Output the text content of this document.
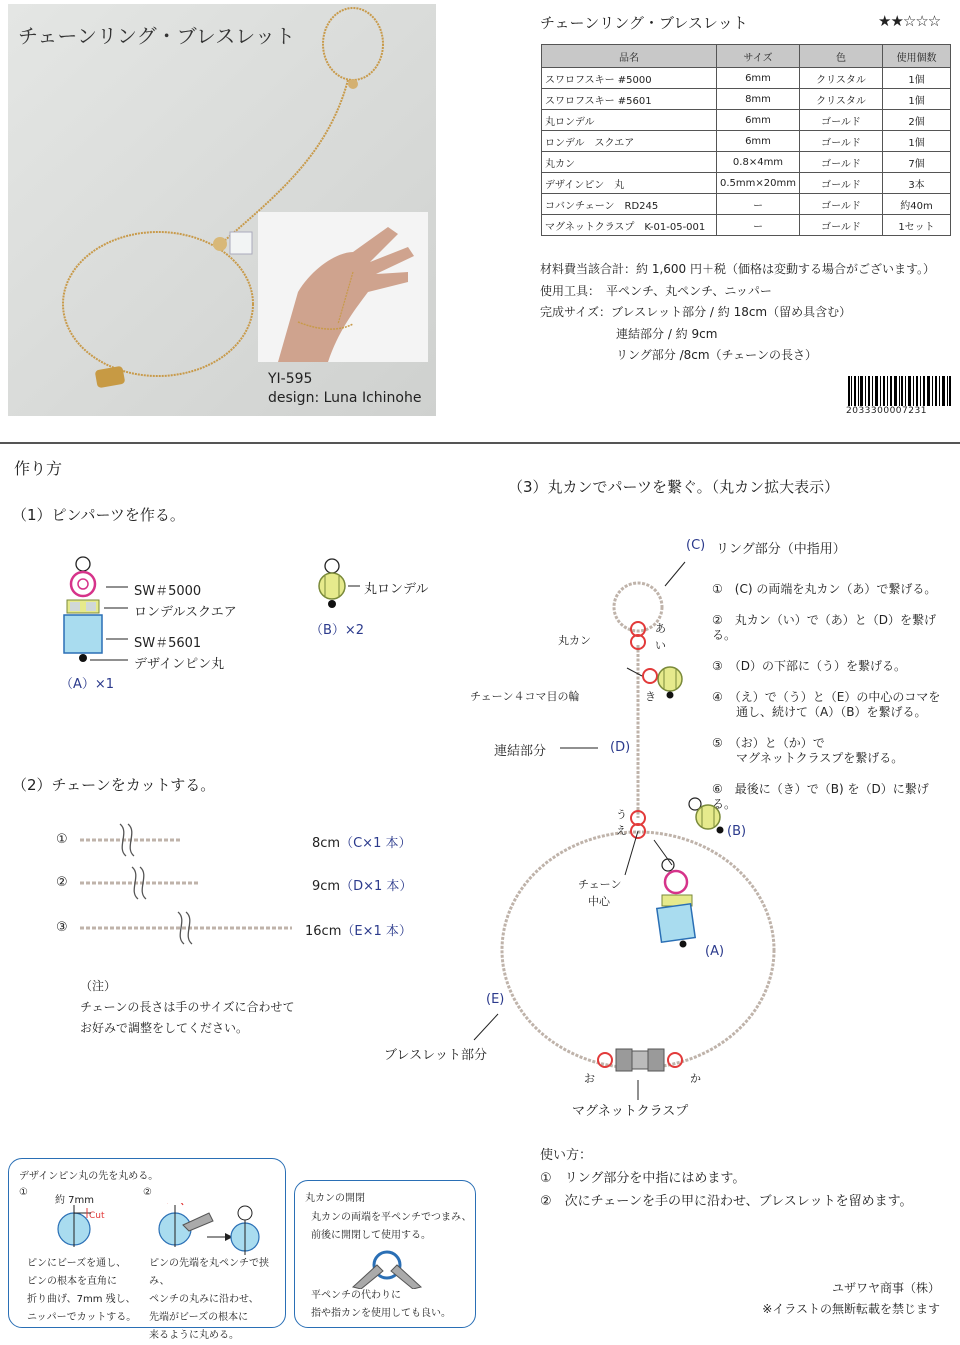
チェーンリング・ブレスレット
YI-595
design: Luna Ichinohe
チェーンリング・ブレスレット	★★☆☆☆
品名	サイズ	色	使用個数
スワロフスキー #5000	6mm	クリスタル	1個
スワロフスキー #5601	8mm	クリスタル	1個
丸ロンデル	6mm	ゴールド	2個
ロンデル　スクエア	6mm	ゴールド	1個
丸カン	0.8×4mm	ゴールド	7個
デザインピン　丸	0.5mm×20mm	ゴールド	3本
コバンチェーン　RD245	ー	ゴールド	約40m
マグネットクラスプ　K-01-05-001	ー	ゴールド	1セット
材料費当該合計：約 1,600 円＋税（価格は変動する場合がございます。）
使用工具：　平ペンチ、丸ペンチ、ニッパー
完成サイズ：ブレスレット部分 / 約 18cm（留め具含む）
連結部分 / 約 9cm
リング部分 /8cm（チェーンの長さ）
2033300007231
作り方
（1）ピンパーツを作る。
（2）チェーンをカットする。
（3）丸カンでパーツを繋ぐ。（丸カン拡大表示）
SW＃5000
ロンデルスクエア
SW＃5601
デザインピン丸
（A）×1
丸ロンデル
（B）×2
①
②
③
8cm（C×1 本）
9cm（D×1 本）
16cm（E×1 本）
（注）
チェーンの長さは手のサイズに合わせて
お好みで調整をしてください。
(C) リング部分（中指用）
丸カン
あ
い
チェーン４コマ目の輪	き
連結部分	(D)
う
え	(B)
チェーン
中心
(A)
(E)
ブレスレット部分
お	か
マグネットクラスプ
①　 (C) の両端を丸カン（あ）で繋げる。
②　 丸カン（い）で（あ）と（D）を繋げる。
③　 （D）の下部に（う）を繋げる。
④　 （え）で（う）と（E）の中心のコマを
通し、続けて（A）（B）を繋げる。
⑤　 （お）と（か）で
マグネットクラスプを繋げる。
⑥　 最後に（き）で（B) を（D）に繋げる。
デザインピン丸の先を丸める。
①
約 7mm
Cut
②
ピンにビーズを通し、
ピンの根本を直角に
折り曲げ、7mm 残し、
ニッパーでカットする。
ピンの先端を丸ペンチで挟み、
ペンチの丸みに沿わせ、
先端がビーズの根本に
来るように丸める。
丸カンの開閉
丸カンの両端を平ペンチでつまみ、
前後に開閉して使用する。
平ペンチの代わりに
指や指カンを使用しても良い。
使い方：
①　リング部分を中指にはめます。
②　次にチェーンを手の甲に沿わせ、ブレスレットを留めます。
ユザワヤ商事（株）
※イラストの無断転載を禁じます
